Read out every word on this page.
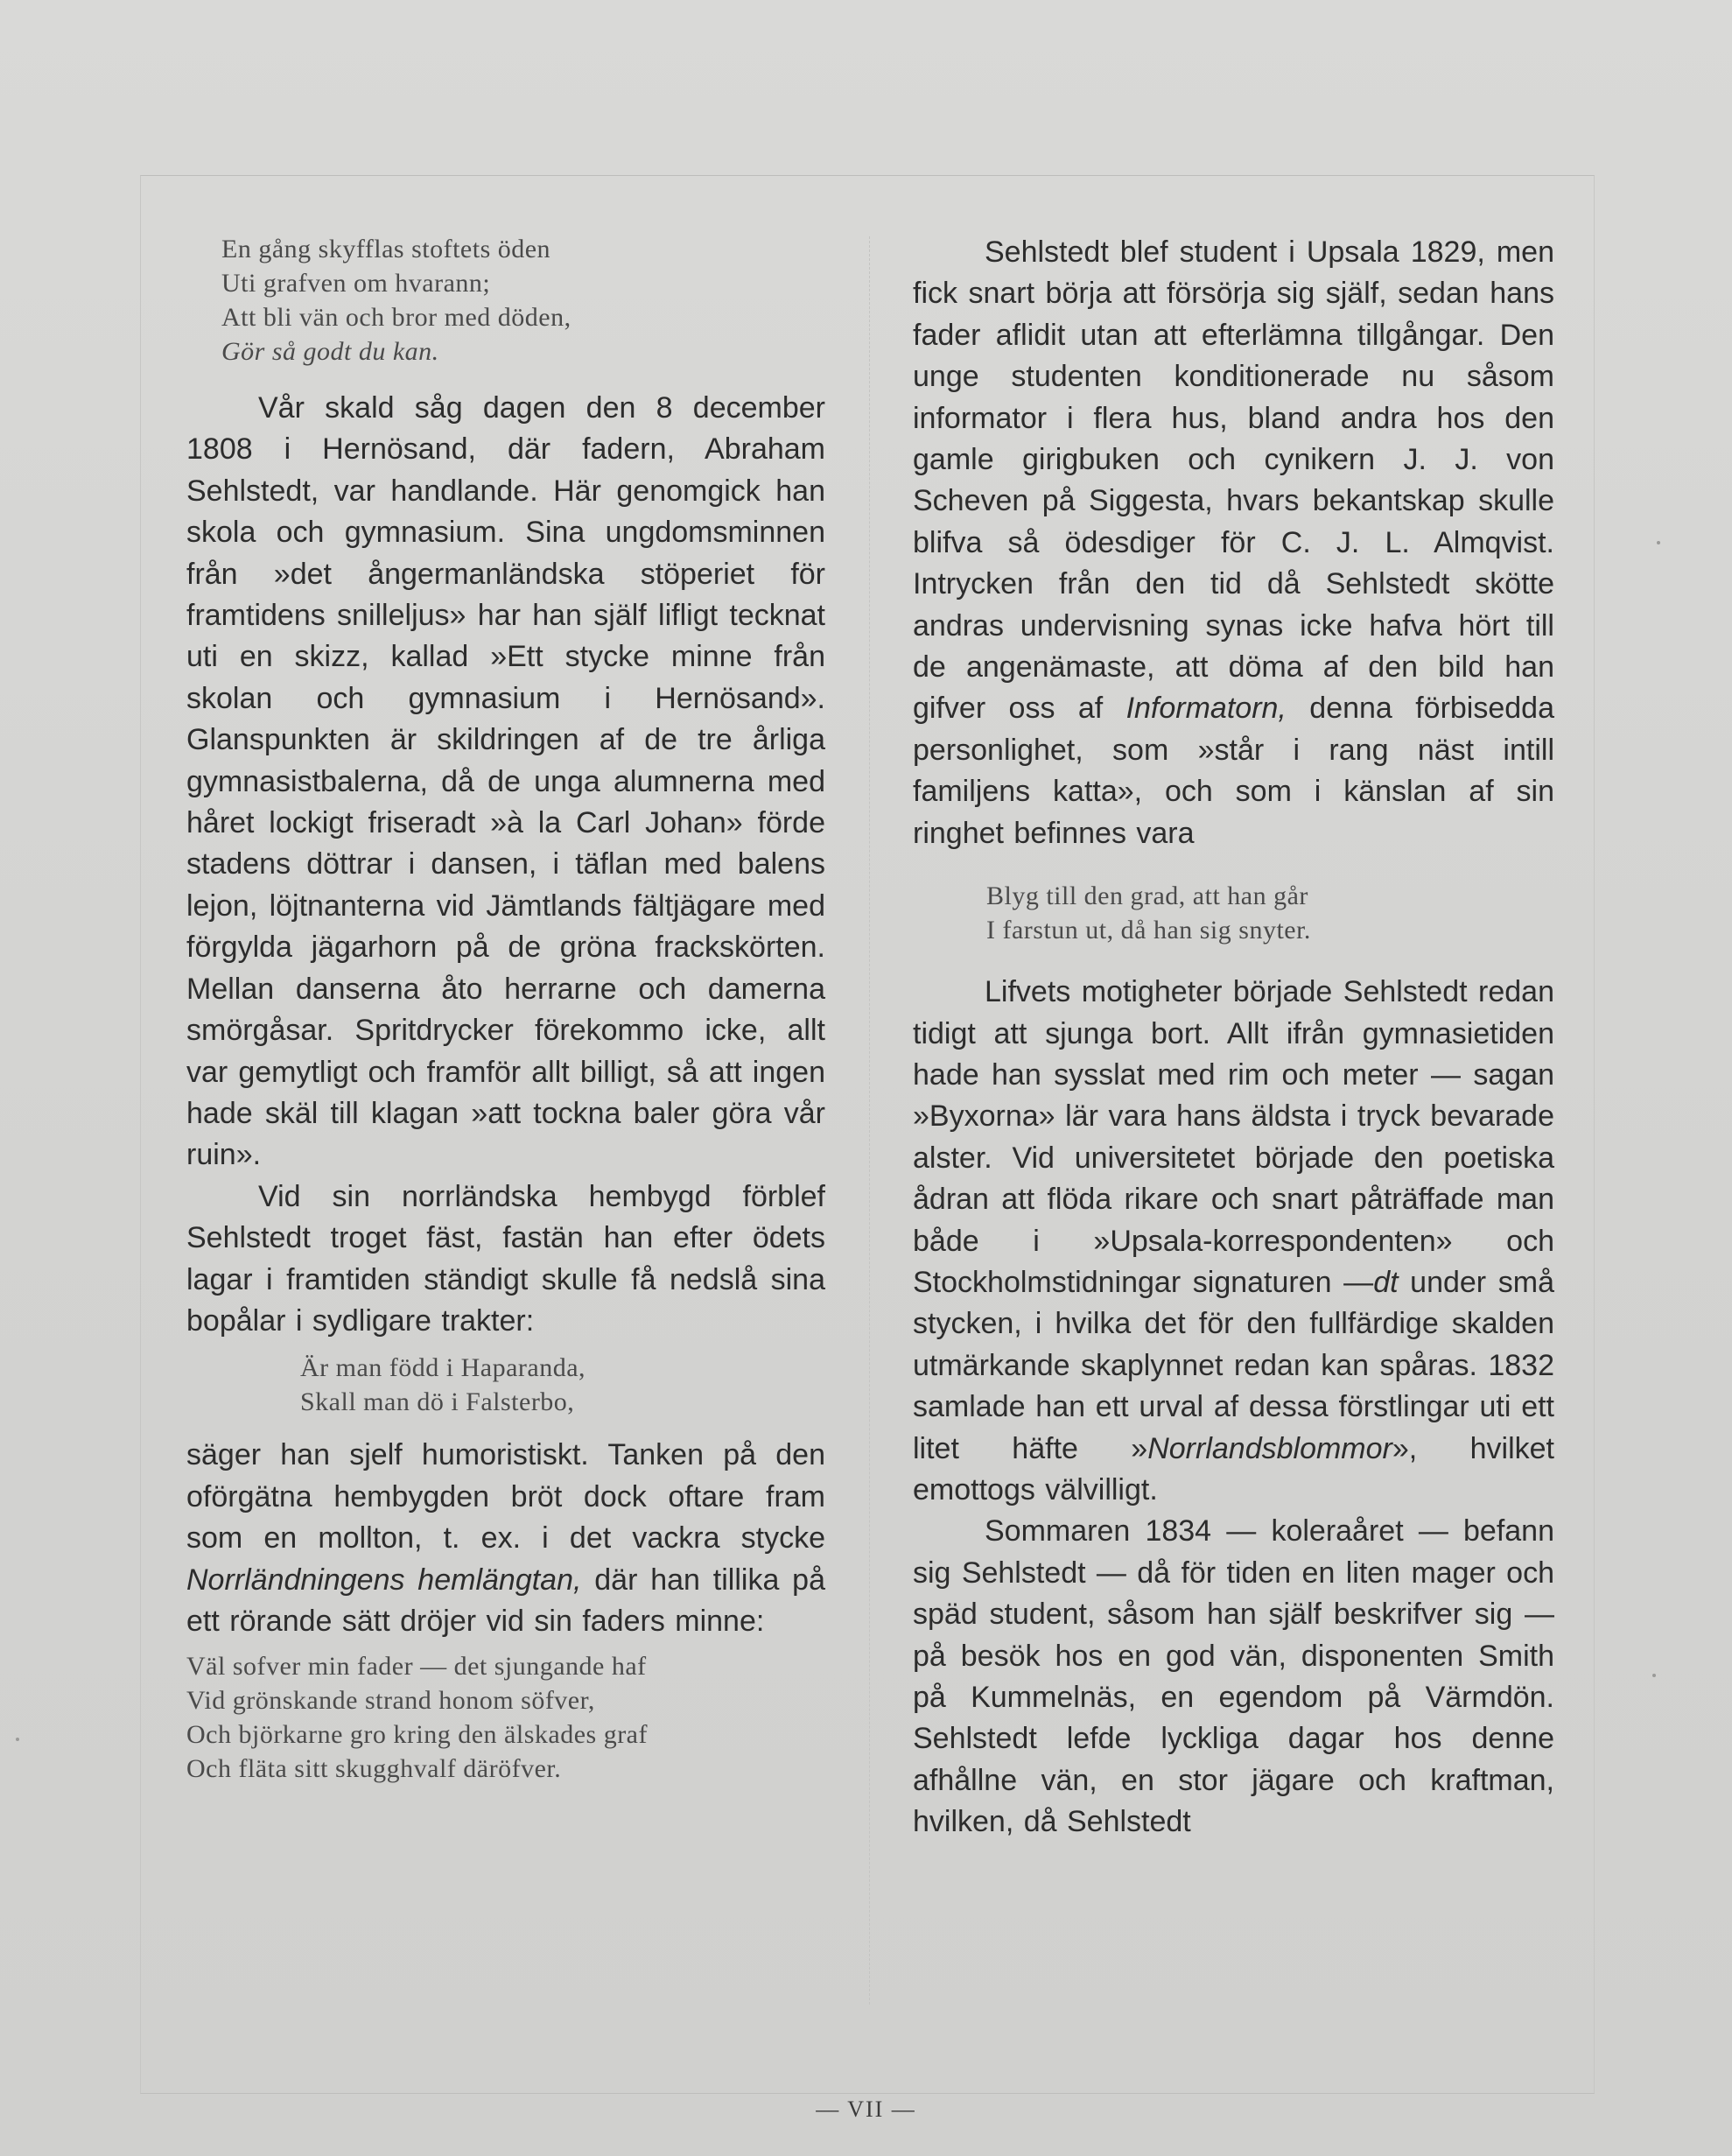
En gång skyfflas stoftets öden
Uti grafven om hvarann;
Att bli vän och bror med döden,
Gör så godt du kan.

Vår skald såg dagen den 8 december 1808 i Hernösand, där fadern, Abraham Sehlstedt, var handlande. Här genomgick han skola och gymnasium. Sina ungdomsminnen från »det ångermanländska stöperiet för framtidens snilleljus» har han själf lifligt tecknat uti en skizz, kallad »Ett stycke minne från skolan och gymnasium i Hernösand». Glanspunkten är skildringen af de tre årliga gymnasistbalerna, då de unga alumnerna med håret lockigt friseradt »à la Carl Johan» förde stadens döttrar i dansen, i täflan med balens lejon, löjtnanterna vid Jämtlands fältjägare med förgylda jägarhorn på de gröna frackskörten. Mellan danserna åto herrarne och damerna smörgåsar. Spritdrycker förekommo icke, allt var gemytligt och framför allt billigt, så att ingen hade skäl till klagan »att tockna baler göra vår ruin».

Vid sin norrländska hembygd förblef Sehlstedt troget fäst, fastän han efter ödets lagar i framtiden ständigt skulle få nedslå sina bopålar i sydligare trakter:

Är man född i Haparanda,
Skall man dö i Falsterbo,

säger han sjelf humoristiskt. Tanken på den oförgätna hembygden bröt dock oftare fram som en mollton, t. ex. i det vackra stycke Norrländningens hemlängtan, där han tillika på ett rörande sätt dröjer vid sin faders minne:

Väl sofver min fader — det sjungande haf
Vid grönskande strand honom söfver,
Och björkarne gro kring den älskades graf
Och fläta sitt skugghvalf däröfver.

Sehlstedt blef student i Upsala 1829, men fick snart börja att försörja sig själf, sedan hans fader aflidit utan att efterlämna tillgångar. Den unge studenten konditionerade nu såsom informator i flera hus, bland andra hos den gamle girigbuken och cynikern J. J. von Scheven på Siggesta, hvars bekantskap skulle blifva så ödesdiger för C. J. L. Almqvist. Intrycken från den tid då Sehlstedt skötte andras undervisning synas icke hafva hört till de angenämaste, att döma af den bild han gifver oss af Informatorn, denna förbisedda personlighet, som »står i rang näst intill familjens katta», och som i känslan af sin ringhet befinnes vara

Blyg till den grad, att han går
I farstun ut, då han sig snyter.

Lifvets motigheter började Sehlstedt redan tidigt att sjunga bort. Allt ifrån gymnasietiden hade han sysslat med rim och meter — sagan »Byxorna» lär vara hans äldsta i tryck bevarade alster. Vid universitetet började den poetiska ådran att flöda rikare och snart påträffade man både i »Upsala-korrespondenten» och Stockholmstidningar signaturen —dt under små stycken, i hvilka det för den fullfärdige skalden utmärkande skaplynnet redan kan spåras. 1832 samlade han ett urval af dessa förstlingar uti ett litet häfte »Norrlandsblommor», hvilket emottogs välvilligt.

Sommaren 1834 — koleraåret — befann sig Sehlstedt — då för tiden en liten mager och späd student, såsom han själf beskrifver sig — på besök hos en god vän, disponenten Smith på Kummelnäs, en egendom på Värmdön. Sehlstedt lefde lyckliga dagar hos denne afhållne vän, en stor jägare och kraftman, hvilken, då Sehlstedt

— VII —
